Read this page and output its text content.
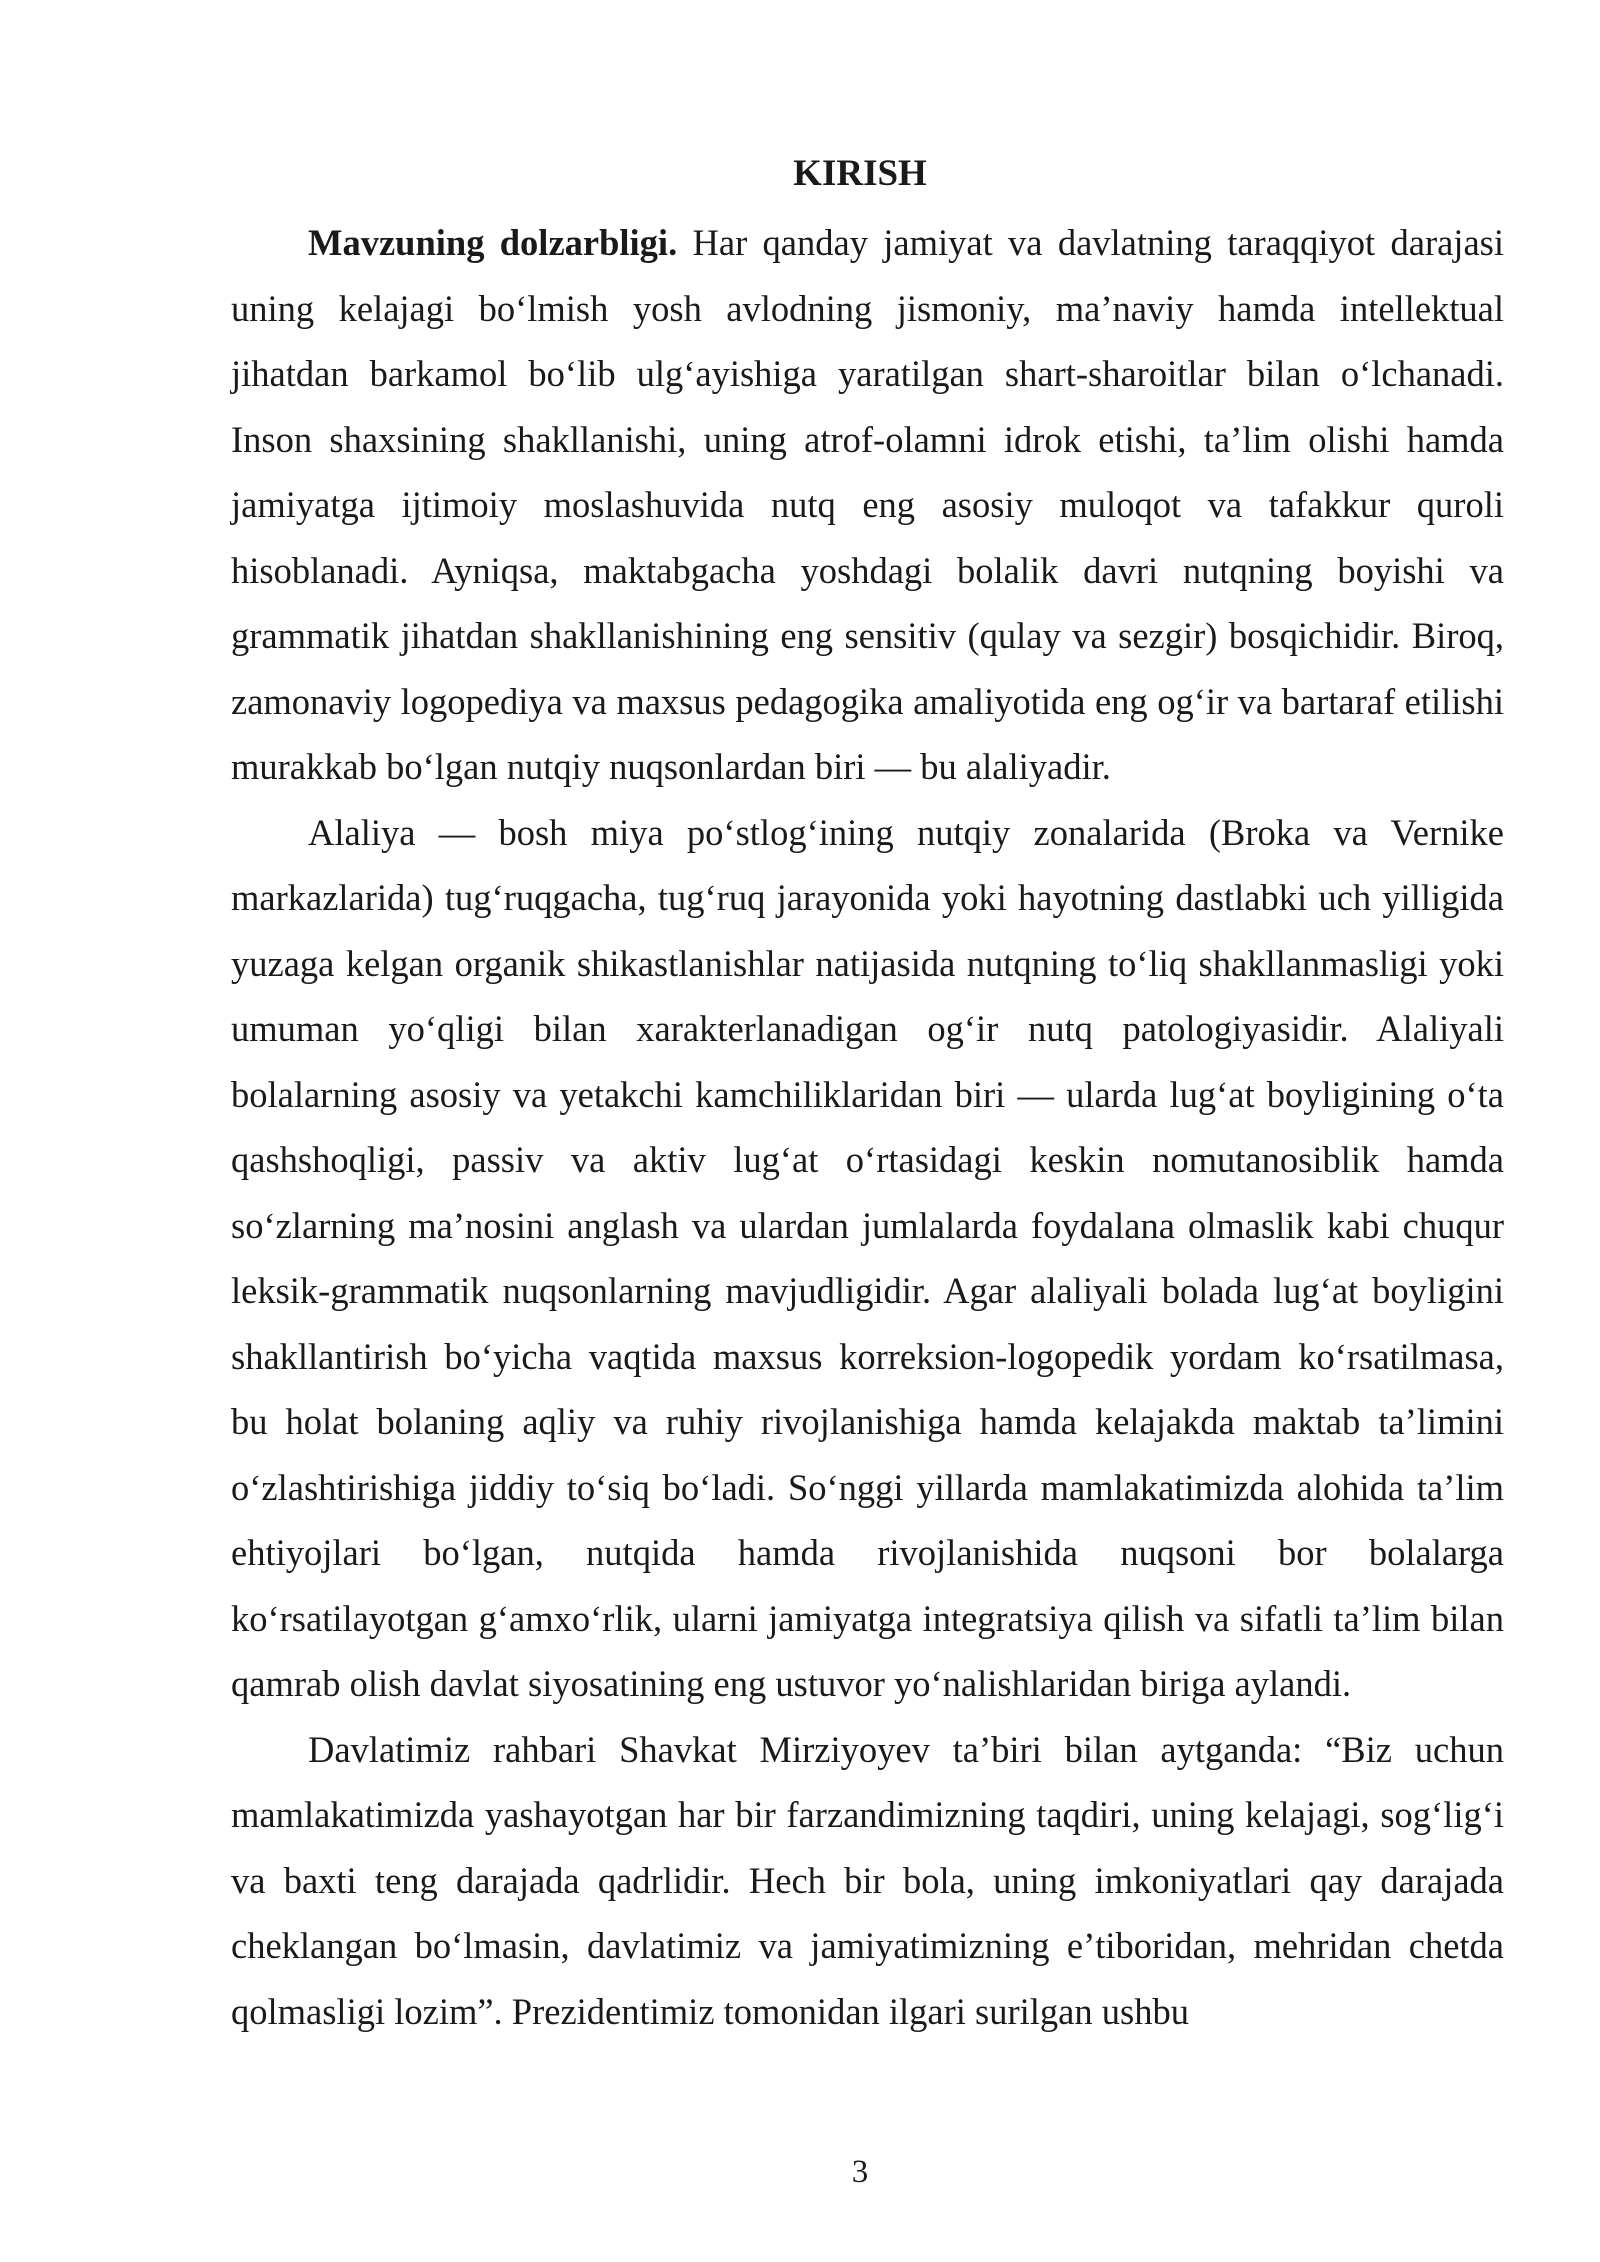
KIRISH

Mavzuning dolzarbligi. Har qanday jamiyat va davlatning taraqqiyot darajasi uning kelajagi boʻlmish yosh avlodning jismoniy, maʼnaviy hamda intellektual jihatdan barkamol boʻlib ulgʻayishiga yaratilgan shart-sharoitlar bilan oʻlchanadi. Inson shaxsining shakllanishi, uning atrof-olamni idrok etishi, taʼlim olishi hamda jamiyatga ijtimoiy moslashuvida nutq eng asosiy muloqot va tafakkur quroli hisoblanadi. Ayniqsa, maktabgacha yoshdagi bolalik davri nutqning boyishi va grammatik jihatdan shakllanishining eng sensitiv (qulay va sezgir) bosqichidir. Biroq, zamonaviy logopediya va maxsus pedagogika amaliyotida eng ogʻir va bartaraf etilishi murakkab boʻlgan nutqiy nuqsonlardan biri — bu alaliyadir.

Alaliya — bosh miya poʻstlogʻining nutqiy zonalarida (Broka va Vernike markazlarida) tugʻruqgacha, tugʻruq jarayonida yoki hayotning dastlabki uch yilligida yuzaga kelgan organik shikastlanishlar natijasida nutqning toʻliq shakllanmasligi yoki umuman yoʻqligi bilan xarakterlanadigan ogʻir nutq patologiyasidir. Alaliyali bolalarning asosiy va yetakchi kamchiliklaridan biri — ularda lugʻat boyligining oʻta qashshoqligi, passiv va aktiv lugʻat oʻrtasidagi keskin nomutanosiblik hamda soʻzlarning maʼnosini anglash va ulardan jumlalarda foydalana olmaslik kabi chuqur leksik-grammatik nuqsonlarning mavjudligidir. Agar alaliyali bolada lugʻat boyligini shakllantirish boʻyicha vaqtida maxsus korreksion-logopedik yordam koʻrsatilmasa, bu holat bolaning aqliy va ruhiy rivojlanishiga hamda kelajakda maktab taʼlimini oʻzlashtirishiga jiddiy toʻsiq boʻladi. Soʻnggi yillarda mamlakatimizda alohida taʼlim ehtiyojlari boʻlgan, nutqida hamda rivojlanishida nuqsoni bor bolalarga koʻrsatilayotgan gʻamxoʻrlik, ularni jamiyatga integratsiya qilish va sifatli taʼlim bilan qamrab olish davlat siyosatining eng ustuvor yoʻnalishlaridan biriga aylandi.

Davlatimiz rahbari Shavkat Mirziyoyev taʼbiri bilan aytganda: “Biz uchun mamlakatimizda yashayotgan har bir farzandimizning taqdiri, uning kelajagi, sogʻligʻi va baxti teng darajada qadrlidir. Hech bir bola, uning imkoniyatlari qay darajada cheklangan boʻlmasin, davlatimiz va jamiyatimizning eʼtiboridan, mehridan chetda qolmasligi lozim”. Prezidentimiz tomonidan ilgari surilgan ushbu

3
